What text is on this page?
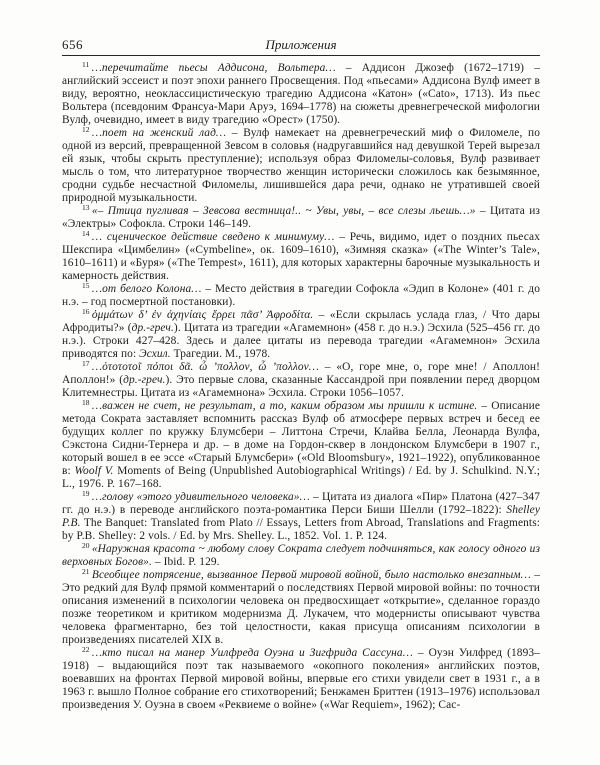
656	Приложения

$^{11}$  …перечитайте пьесы Аддисона, Вольтера… – Аддисон Джозеф (1672–1719) – английский эссеист и поэт эпохи раннего Просвещения. Под «пьесами» Аддисона Вулф имеет в виду, вероятно, неоклассицистическую трагедию Аддисона «Катон» («Cato», 1713). Из пьес Вольтера (псевдоним Франсуа-Мари Аруэ, 1694–1778) на сюжеты древнегреческой мифологии Вулф, очевидно, имеет в виду трагедию «Орест» (1750).

$^{12}$  …поет на женский лад… – Вулф намекает на древнегреческий миф о Филомеле, по одной из версий, превращенной Зевсом в соловья (надругавшийся над девушкой Терей вырезал ей язык, чтобы скрыть преступление); используя образ Филомелы-соловья, Вулф развивает мысль о том, что литературное творчество женщин исторически сложилось как безымянное, сродни судьбе несчастной Филомелы, лишившейся дара речи, однако не утратившей своей природной музыкальности.

$^{13}$  «– Птица пугливая – Зевсова вестница!.. ~ Увы, увы, – все слезы льешь…» – Цитата из «Электры» Софокла. Строки 146–149.

$^{14}$  … сценическое действие сведено к минимуму… – Речь, видимо, идет о поздних пьесах Шекспира «Цимбелин» («Cymbeline», ок. 1609–1610), «Зимняя сказка» («The Winter’s Tale», 1610–1611) и «Буря» («The Tempest», 1611), для которых характерны барочные музыкальность и камерность действия.

$^{15}$  …от белого Колона… – Место действия в трагедии Софокла «Эдип в Колоне» (401 г. до н.э. – год посмертной постановки).

$^{16}$  ὀμμάτων δ’ ἐν ἀχηνίαις ἔρρει πᾶσ’ Ἀφροδίτα. – «Если скрылась услада глаз, / Что дары Афродиты?» (др.-греч.). Цитата из трагедии «Агамемнон» (458 г. до н.э.) Эсхила (525–456 гг. до н.э.). Строки 427–428. Здесь и далее цитаты из перевода трагедии «Агамемнон» Эсхила приводятся по: Эсхил. Трагедии. М., 1978.

$^{17}$  …ὀτοτοτοῖ πόποι δᾶ. ὦ ’πολλον, ὦ ’πολλον… – «О, горе мне, о, горе мне! / Аполлон! Аполлон!» (др.-греч.). Это первые слова, сказанные Кассандрой при появлении перед дворцом Клитемнестры. Цитата из «Агамемнона» Эсхила. Строки 1056–1057.

$^{18}$  …важен не счет, не результат, а то, каким образом мы пришли к истине. – Описание метода Сократа заставляет вспомнить рассказ Вулф об атмосфере первых встреч и бесед ее будущих коллег по кружку Блумсбери – Литтона Стречи, Клайва Белла, Леонарда Вулфа, Сэкстона Сидни-Тернера и др. – в доме на Гордон-сквер в лондонском Блумсбери в 1907 г., который вошел в ее эссе «Старый Блумсбери» («Old Bloomsbury», 1921–1922), опубликованное в: Woolf V. Moments of Being (Unpublished Autobiographical Writings) / Ed. by J. Schulkind. N.Y.; L., 1976. P. 167–168.

$^{19}$  …голову «этого удивительного человека»… – Цитата из диалога «Пир» Платона (427–347 гг. до н.э.) в переводе английского поэта-романтика Перси Биши Шелли (1792–1822): Shelley P.B. The Banquet: Translated from Plato // Essays, Letters from Abroad, Translations and Fragments: by P.B. Shelley: 2 vols. / Ed. by Mrs. Shelley. L., 1852. Vol. 1. P. 124.

$^{20}$  «Наружная красота ~ любому слову Сократа следует подчиняться, как голосу одного из верховных Богов». – Ibid. P. 129.

$^{21}$  Всеобщее потрясение, вызванное Первой мировой войной, было настолько внезапным… – Это редкий для Вулф прямой комментарий о последствиях Первой мировой войны: по точности описания изменений в психологии человека он предвосхищает «открытие», сделанное гораздо позже теоретиком и критиком модернизма Д. Лукачем, что модернисты описывают чувства человека фрагментарно, без той целостности, какая присуща описаниям психологии в произведениях писателей XIX в.

$^{22}$  …кто писал на манер Уилфреда Оуэна и Зигфрида Сассуна… – Оуэн Уилфред (1893–1918) – выдающийся поэт так называемого «окопного поколения» английских поэтов, воевавших на фронтах Первой мировой войны, впервые его стихи увидели свет в 1931 г., а в 1963 г. вышло Полное собрание его стихотворений; Бенжамен Бриттен (1913–1976) использовал произведения У. Оуэна в своем «Реквиеме о войне» («War Requiem», 1962); Сас-
